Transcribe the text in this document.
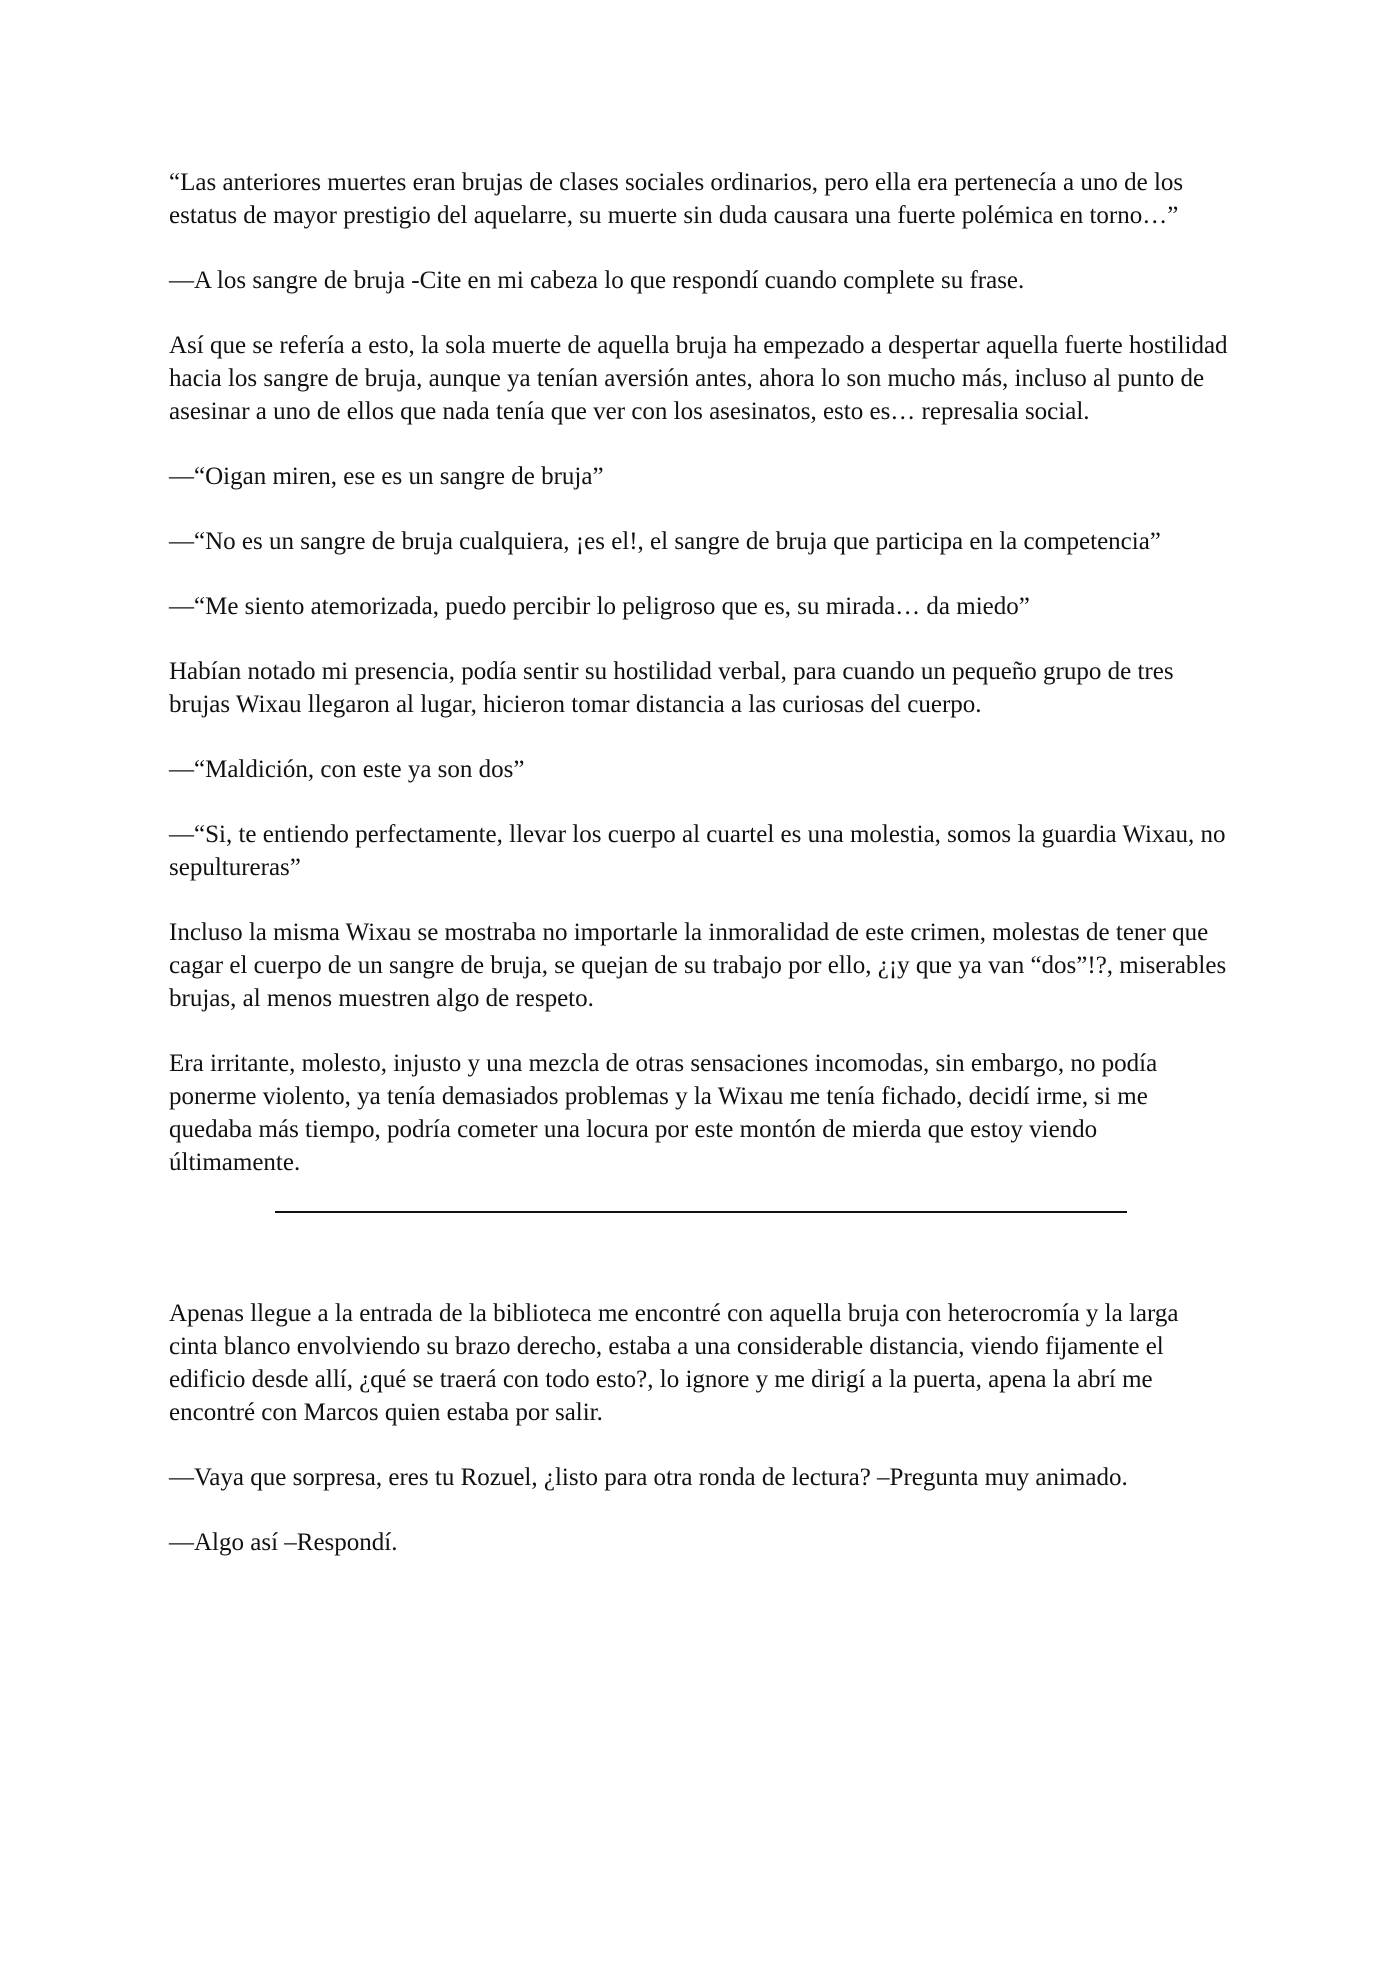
“Las anteriores muertes eran brujas de clases sociales ordinarios, pero ella era pertenecía a uno de los estatus de mayor prestigio del aquelarre, su muerte sin duda causara una fuerte polémica en torno…”

—A los sangre de bruja -Cite en mi cabeza lo que respondí cuando complete su frase.

Así que se refería a esto, la sola muerte de aquella bruja ha empezado a despertar aquella fuerte hostilidad hacia los sangre de bruja, aunque ya tenían aversión antes, ahora lo son mucho más, incluso al punto de asesinar a uno de ellos que nada tenía que ver con los asesinatos, esto es… represalia social.

—“Oigan miren, ese es un sangre de bruja”

—“No es un sangre de bruja cualquiera, ¡es el!, el sangre de bruja que participa en la competencia”

—“Me siento atemorizada, puedo percibir lo peligroso que es, su mirada… da miedo”

Habían notado mi presencia, podía sentir su hostilidad verbal, para cuando un pequeño grupo de tres brujas Wixau llegaron al lugar, hicieron tomar distancia a las curiosas del cuerpo.

—“Maldición, con este ya son dos”

—“Si, te entiendo perfectamente, llevar los cuerpo al cuartel es una molestia, somos la guardia Wixau, no sepultureras”

Incluso la misma Wixau se mostraba no importarle la inmoralidad de este crimen, molestas de tener que cagar el cuerpo de un sangre de bruja, se quejan de su trabajo por ello, ¿¡y que ya van “dos”!?, miserables brujas, al menos muestren algo de respeto.

Era irritante, molesto, injusto y una mezcla de otras sensaciones incomodas, sin embargo, no podía ponerme violento, ya tenía demasiados problemas y la Wixau me tenía fichado, decidí irme, si me quedaba más tiempo, podría cometer una locura por este montón de mierda que estoy viendo últimamente.

Apenas llegue a la entrada de la biblioteca me encontré con aquella bruja con heterocromía y la larga cinta blanco envolviendo su brazo derecho, estaba a una considerable distancia, viendo fijamente el edificio desde allí, ¿qué se traerá con todo esto?, lo ignore y me dirigí a la puerta, apena la abrí me encontré con Marcos quien estaba por salir.

—Vaya que sorpresa, eres tu Rozuel, ¿listo para otra ronda de lectura? –Pregunta muy animado.

—Algo así –Respondí.
